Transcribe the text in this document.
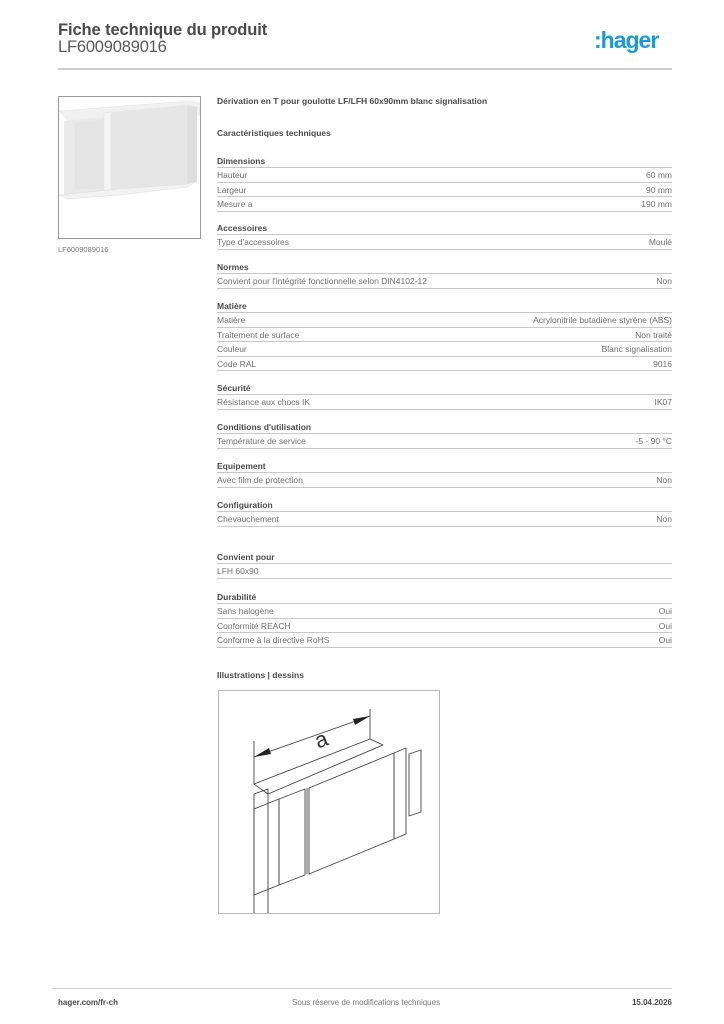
Fiche technique du produit
LF6009089016	:hager
LF6009089016
Dérivation en T pour goulotte LF/LFH 60x90mm blanc signalisation
Caractéristiques techniques
Dimensions
Hauteur	60 mm
Largeur	90 mm
Mesure a	190 mm
Accessoires
Type d'accessoires	Moulé
Normes
Convient pour l'intégrité fonctionnelle selon DIN4102-12	Non
Matière
Matière	Acrylonitrile butadiène styrène (ABS)
Traitement de surface	Non traité
Couleur	Blanc signalisation
Code RAL	9016
Sécurité
Résistance aux chocs IK	IK07
Conditions d'utilisation
Température de service	-5 - 90 °C
Equipement
Avec film de protection	Non
Configuration
Chevauchement	Non
Convient pour
LFH 60x90
Durabilité
Sans halogène	Oui
Conformité REACH	Oui
Conforme à la directive RoHS	Oui
Illustrations | dessins
a
hager.com/fr-ch	Sous réserve de modifications techniques	15.04.2026
